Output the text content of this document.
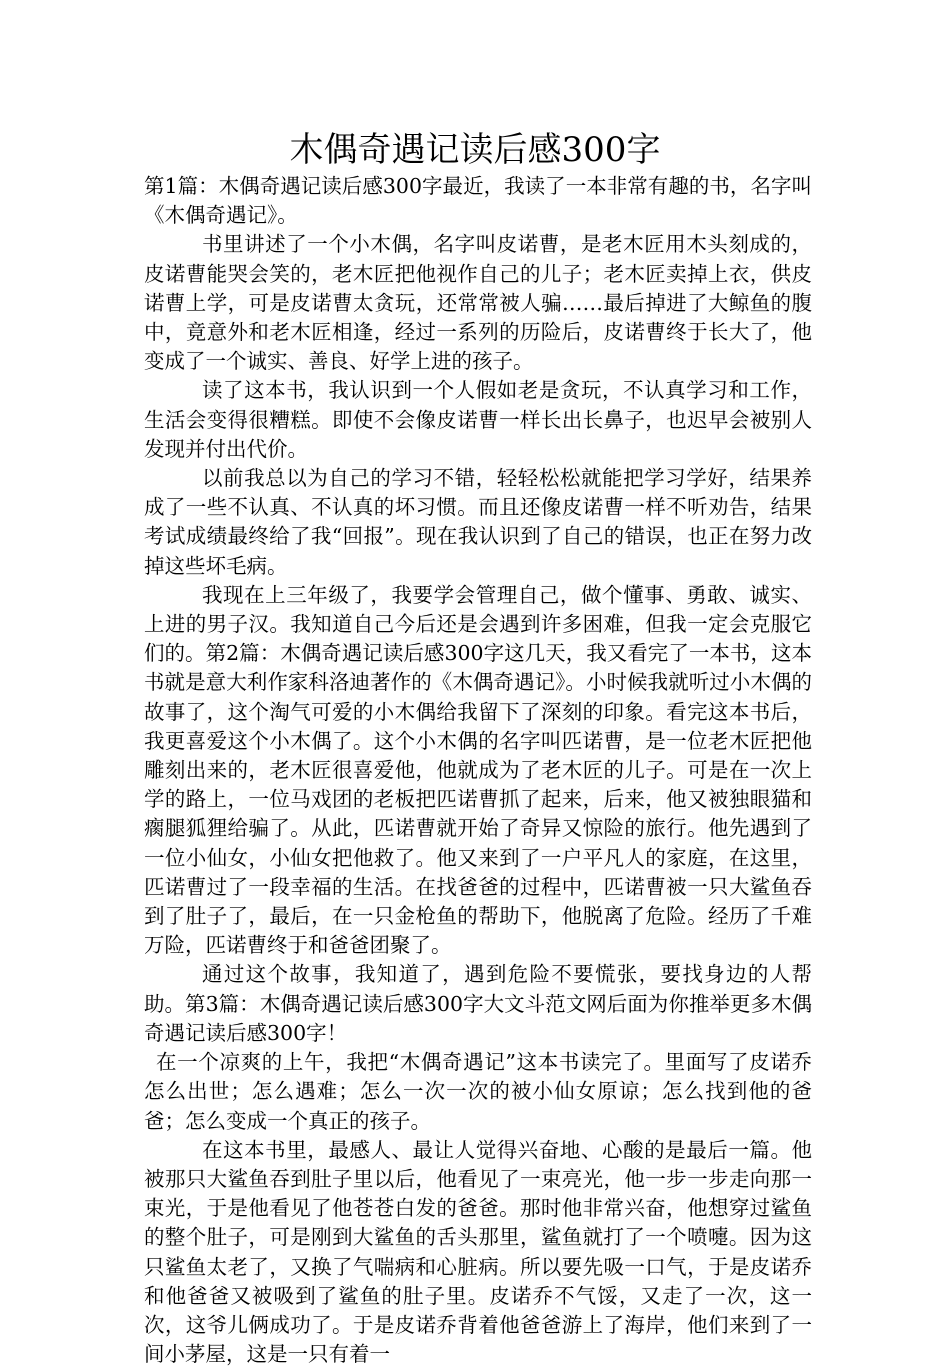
木偶奇遇记读后感300字

第1篇：木偶奇遇记读后感300字最近，我读了一本非常有趣的书，名字叫《木偶奇遇记》。

书里讲述了一个小木偶，名字叫皮诺曹，是老木匠用木头刻成的，皮诺曹能哭会笑的，老木匠把他视作自己的儿子；老木匠卖掉上衣，供皮诺曹上学，可是皮诺曹太贪玩，还常常被人骗……最后掉进了大鲸鱼的腹中，竟意外和老木匠相逢，经过一系列的历险后，皮诺曹终于长大了，他变成了一个诚实、善良、好学上进的孩子。

读了这本书，我认识到一个人假如老是贪玩，不认真学习和工作，生活会变得很糟糕。即使不会像皮诺曹一样长出长鼻子，也迟早会被别人发现并付出代价。

以前我总以为自己的学习不错，轻轻松松就能把学习学好，结果养成了一些不认真、不认真的坏习惯。而且还像皮诺曹一样不听劝告，结果考试成绩最终给了我“回报”。现在我认识到了自己的错误，也正在努力改掉这些坏毛病。

我现在上三年级了，我要学会管理自己，做个懂事、勇敢、诚实、上进的男子汉。我知道自己今后还是会遇到许多困难，但我一定会克服它们的。第2篇：木偶奇遇记读后感300字这几天，我又看完了一本书，这本书就是意大利作家科洛迪著作的《木偶奇遇记》。小时候我就听过小木偶的故事了，这个淘气可爱的小木偶给我留下了深刻的印象。看完这本书后，我更喜爱这个小木偶了。这个小木偶的名字叫匹诺曹，是一位老木匠把他雕刻出来的，老木匠很喜爱他，他就成为了老木匠的儿子。可是在一次上学的路上，一位马戏团的老板把匹诺曹抓了起来，后来，他又被独眼猫和瘸腿狐狸给骗了。从此，匹诺曹就开始了奇异又惊险的旅行。他先遇到了一位小仙女，小仙女把他救了。他又来到了一户平凡人的家庭，在这里，匹诺曹过了一段幸福的生活。在找爸爸的过程中，匹诺曹被一只大鲨鱼吞到了肚子了，最后，在一只金枪鱼的帮助下，他脱离了危险。经历了千难万险，匹诺曹终于和爸爸团聚了。

通过这个故事，我知道了，遇到危险不要慌张，要找身边的人帮助。第3篇：木偶奇遇记读后感300字大文斗范文网后面为你推举更多木偶奇遇记读后感300字！

在一个凉爽的上午，我把“木偶奇遇记”这本书读完了。里面写了皮诺乔怎么出世；怎么遇难；怎么一次一次的被小仙女原谅；怎么找到他的爸爸；怎么变成一个真正的孩子。

在这本书里，最感人、最让人觉得兴奋地、心酸的是最后一篇。他被那只大鲨鱼吞到肚子里以后，他看见了一束亮光，他一步一步走向那一束光，于是他看见了他苍苍白发的爸爸。那时他非常兴奋，他想穿过鲨鱼的整个肚子，可是刚到大鲨鱼的舌头那里，鲨鱼就打了一个喷嚏。因为这只鲨鱼太老了，又换了气喘病和心脏病。所以要先吸一口气，于是皮诺乔和他爸爸又被吸到了鲨鱼的肚子里。皮诺乔不气馁，又走了一次，这一次，这爷儿俩成功了。于是皮诺乔背着他爸爸游上了海岸，他们来到了一间小茅屋，这是一只有着一
